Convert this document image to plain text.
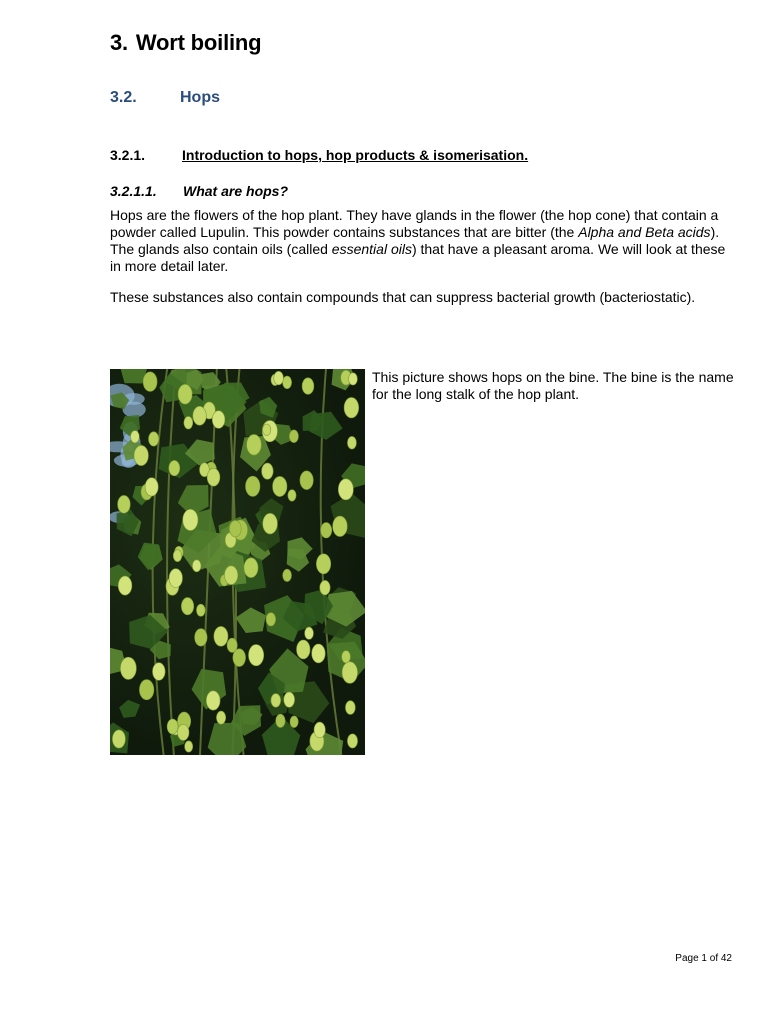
3. Wort boiling
3.2.	Hops
3.2.1.	Introduction to hops, hop products & isomerisation.
3.2.1.1. What are hops?

Hops are the flowers of the hop plant. They have glands in the flower (the hop cone) that contain a powder called Lupulin. This powder contains substances that are bitter (the Alpha and Beta acids). The glands also contain oils (called essential oils) that have a pleasant aroma. We will look at these in more detail later.

These substances also contain compounds that can suppress bacterial growth (bacteriostatic).

This picture shows hops on the bine. The bine is the name for the long stalk of the hop plant.

Page 1 of 42
